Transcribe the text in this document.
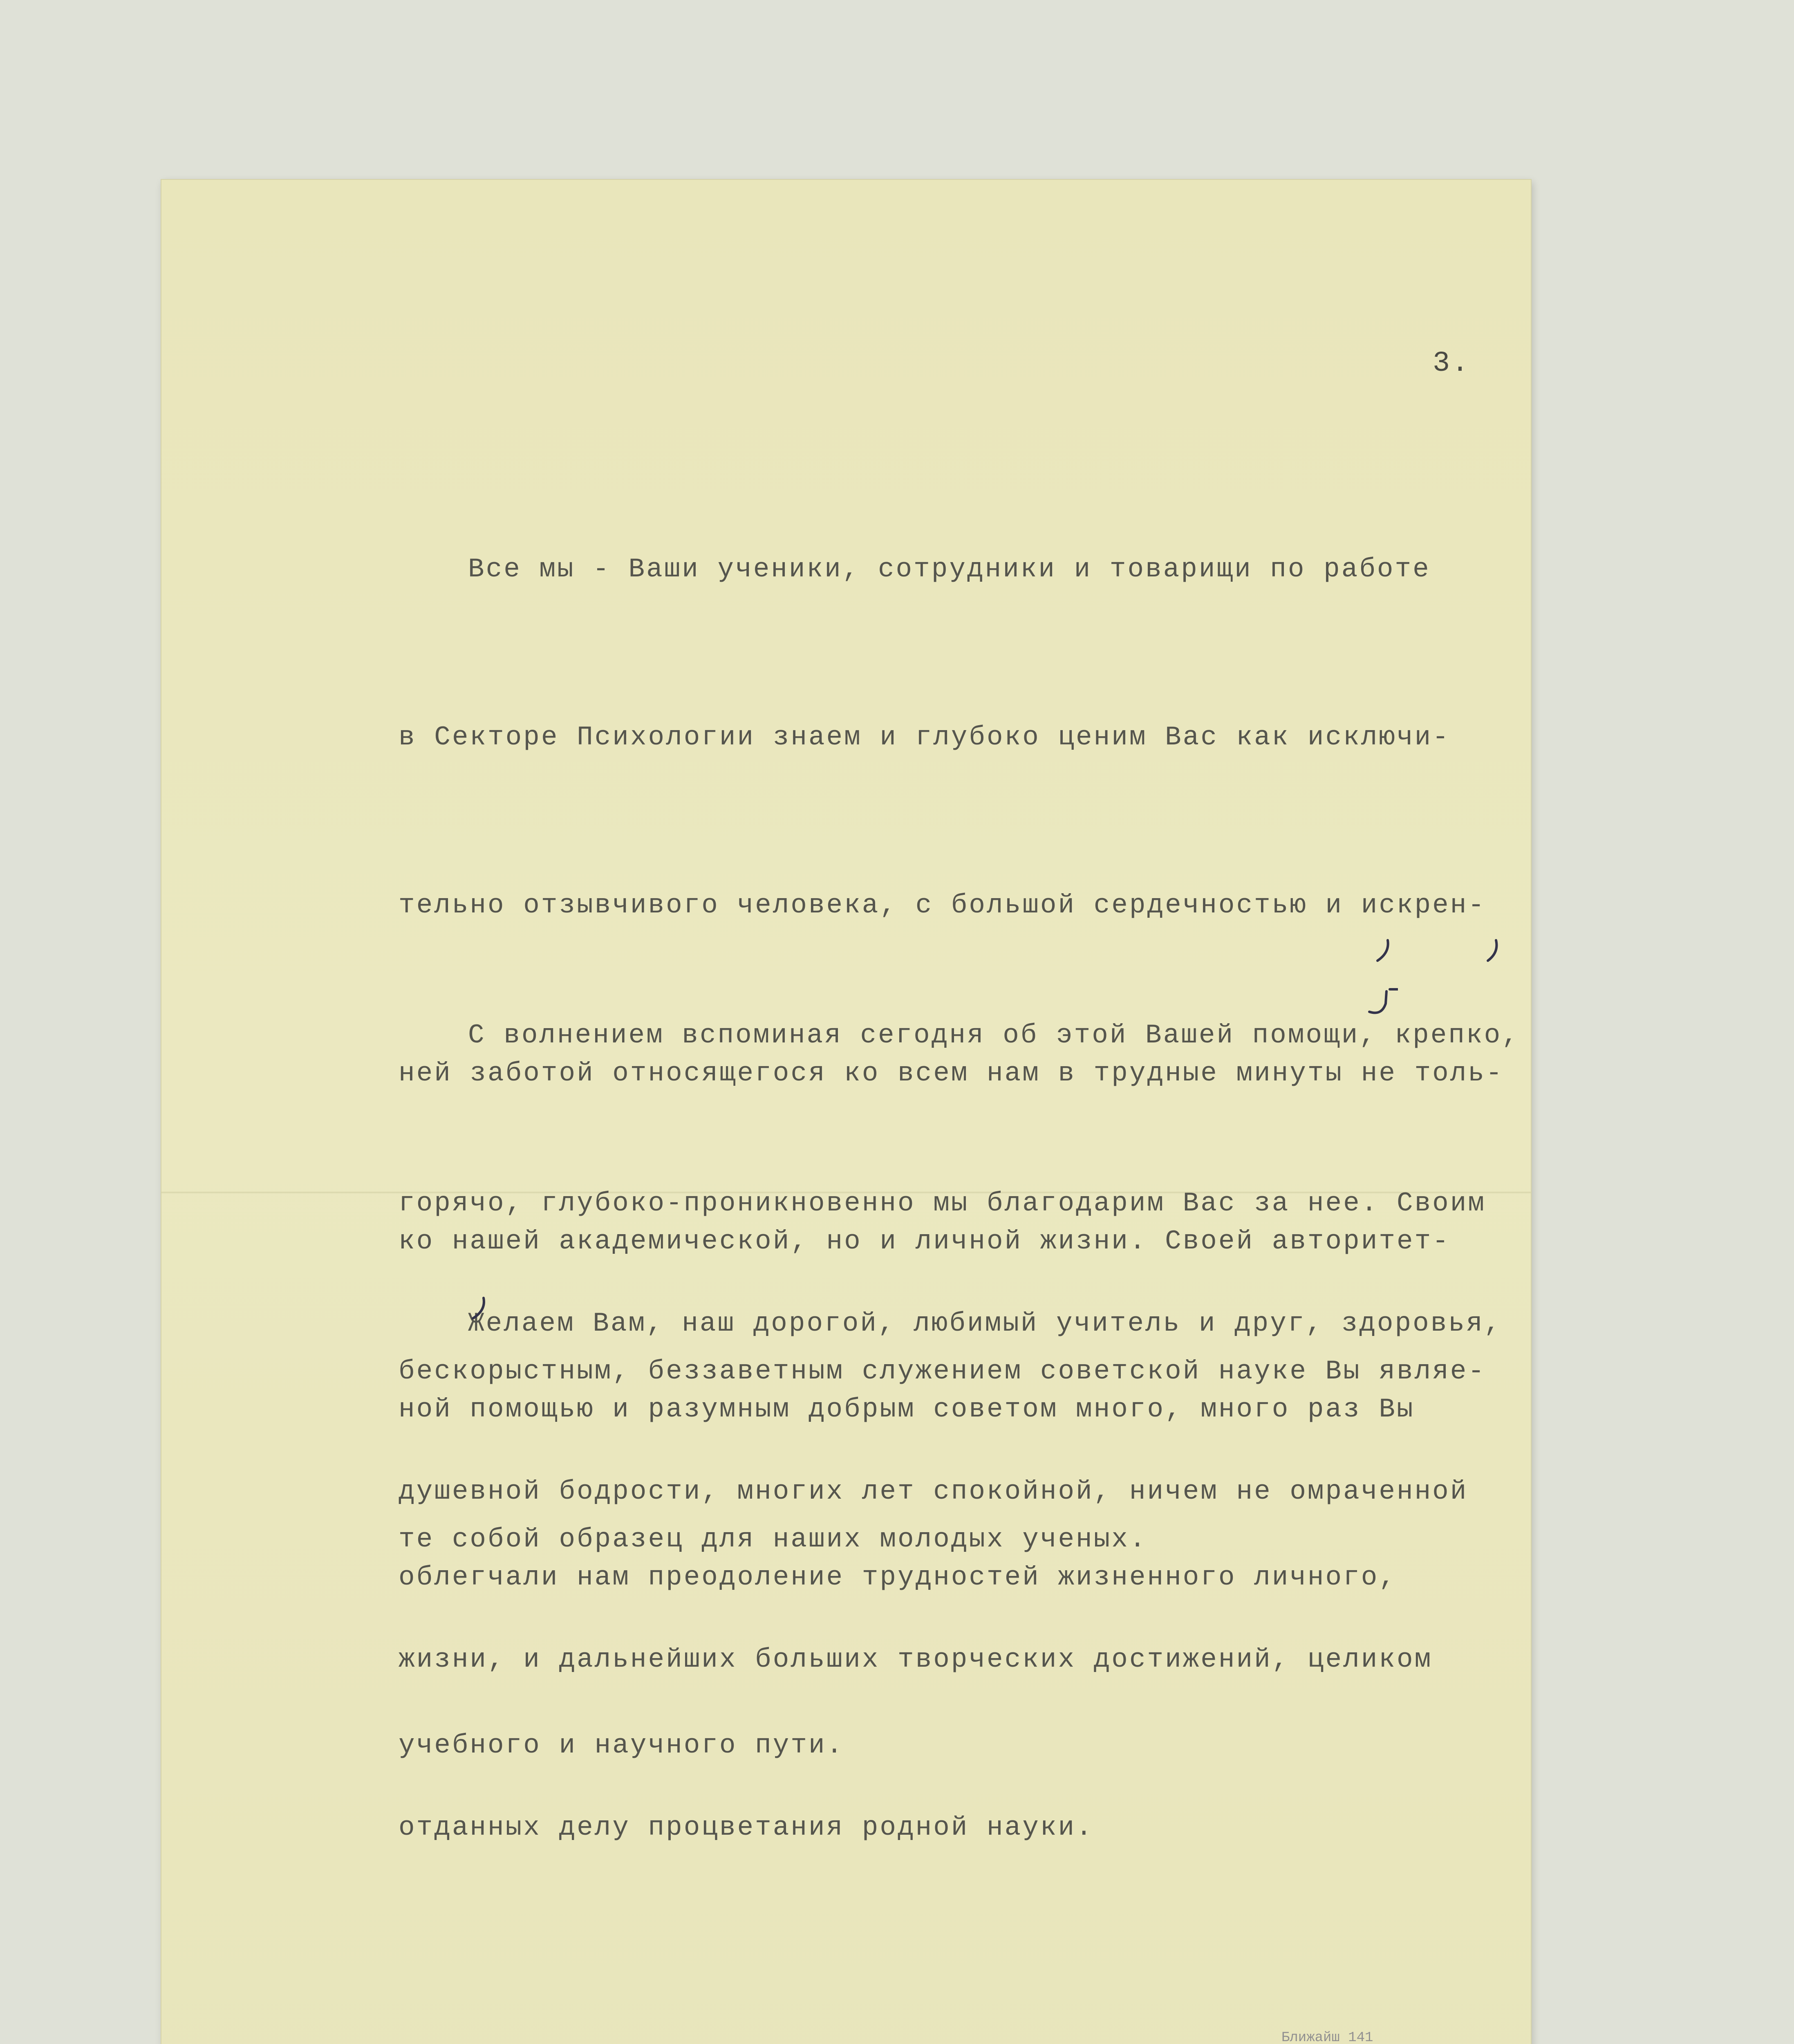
3.

Все мы - Ваши ученики, сотрудники и товарищи по работе

в Секторе Психологии знаем и глубоко ценим Вас как исключи-

тельно отзывчивого человека, с большой сердечностью и искрен-

ней заботой относящегося ко всем нам в трудные минуты не толь-

ко нашей академической, но и личной жизни. Своей авторитет-

ной помощью и разумным добрым советом много, много раз Вы

облегчали нам преодоление трудностей жизненного личного,

учебного и научного пути.

С волнением вспоминая сегодня об этой Вашей помощи, крепко,

горячо, глубоко-проникновенно мы благодарим Вас за нее. Своим

бескорыстным, беззаветным служением советской науке Вы являе-

те собой образец для наших молодых ученых.

Желаем Вам, наш дорогой, любимый учитель и друг, здоровья,

душевной бодрости, многих лет спокойной, ничем не омраченной

жизни, и дальнейших больших творческих достижений, целиком

отданных делу процветания родной науки.

Ближайш 141
